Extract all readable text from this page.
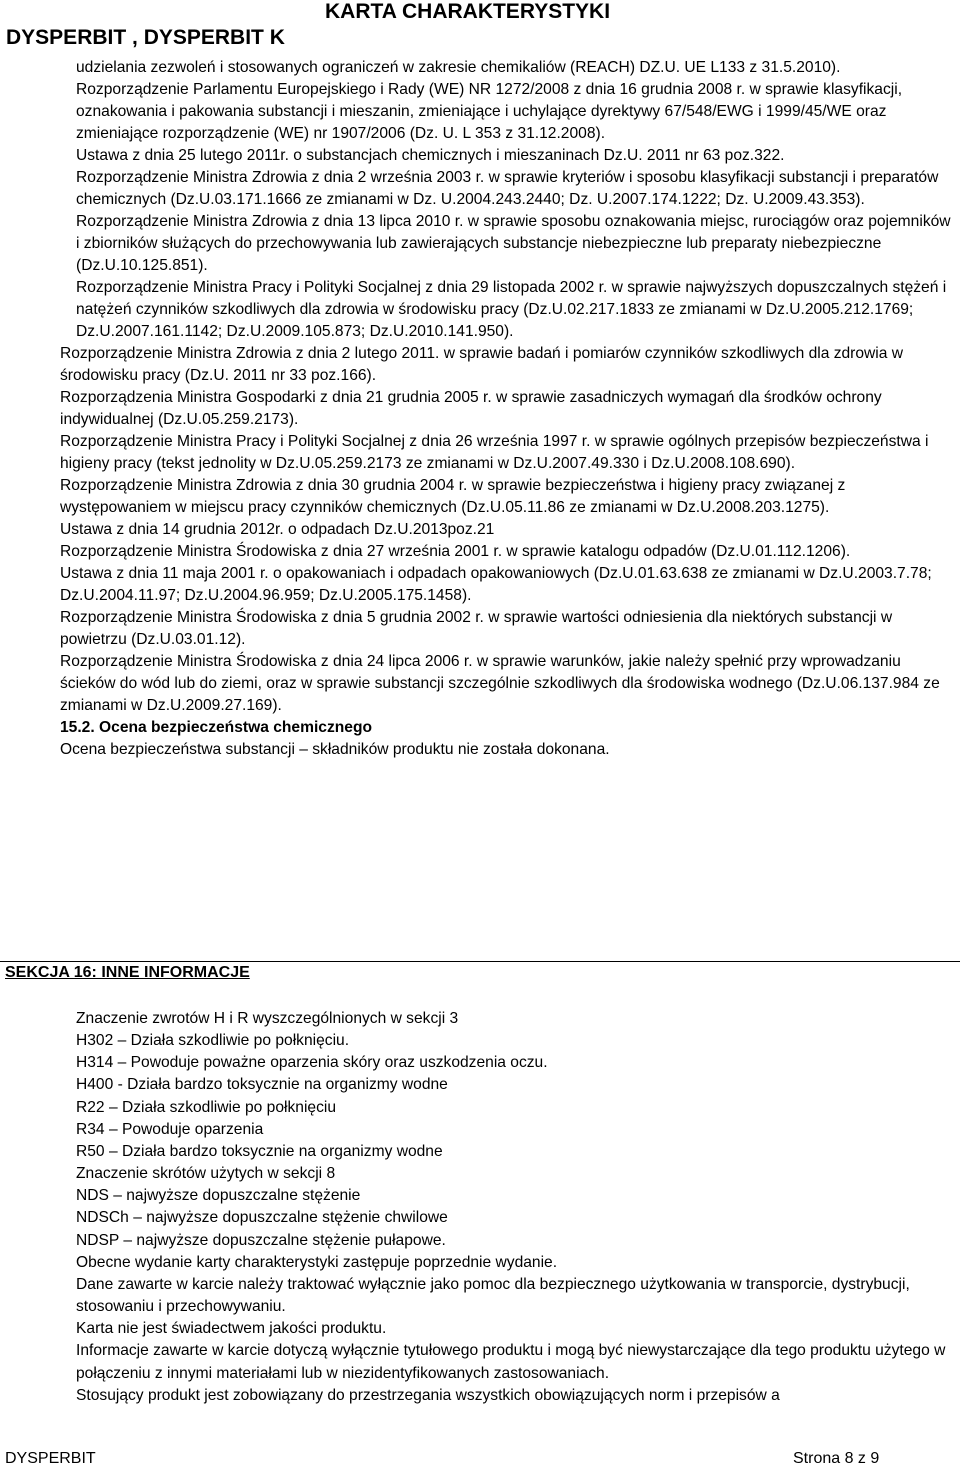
KARTA CHARAKTERYSTYKI
DYSPERBIT , DYSPERBIT K

udzielania zezwoleń i stosowanych ograniczeń w zakresie chemikaliów (REACH) DZ.U. UE L133 z 31.5.2010).

Rozporządzenie Parlamentu Europejskiego i Rady (WE) NR 1272/2008 z dnia 16 grudnia 2008 r. w sprawie klasyfikacji, oznakowania i pakowania substancji i mieszanin, zmieniające i uchylające dyrektywy 67/548/EWG i 1999/45/WE oraz zmieniające rozporządzenie (WE) nr 1907/2006 (Dz. U. L 353 z 31.12.2008).

Ustawa z dnia 25 lutego 2011r. o substancjach chemicznych i mieszaninach Dz.U. 2011 nr 63 poz.322.

Rozporządzenie Ministra Zdrowia z dnia 2 września 2003 r. w sprawie kryteriów i sposobu klasyfikacji substancji i preparatów chemicznych (Dz.U.03.171.1666 ze zmianami w Dz. U.2004.243.2440; Dz. U.2007.174.1222; Dz. U.2009.43.353).

Rozporządzenie Ministra Zdrowia z dnia 13 lipca 2010 r. w sprawie sposobu oznakowania miejsc, rurociągów oraz pojemników i zbiorników służących do przechowywania lub zawierających substancje niebezpieczne lub preparaty niebezpieczne (Dz.U.10.125.851).

Rozporządzenie Ministra Pracy i Polityki Socjalnej z dnia 29 listopada 2002 r. w sprawie najwyższych dopuszczalnych stężeń i natężeń czynników szkodliwych dla zdrowia w środowisku pracy (Dz.U.02.217.1833 ze zmianami w Dz.U.2005.212.1769; Dz.U.2007.161.1142; Dz.U.2009.105.873; Dz.U.2010.141.950).

Rozporządzenie Ministra Zdrowia z dnia 2 lutego 2011. w sprawie badań i pomiarów czynników szkodliwych dla zdrowia w środowisku pracy (Dz.U. 2011 nr 33 poz.166).

Rozporządzenia Ministra Gospodarki z dnia 21 grudnia 2005 r. w sprawie zasadniczych wymagań dla środków ochrony indywidualnej (Dz.U.05.259.2173).

Rozporządzenie Ministra Pracy i Polityki Socjalnej z dnia 26 września 1997 r. w sprawie ogólnych przepisów bezpieczeństwa i higieny pracy (tekst jednolity w Dz.U.05.259.2173 ze zmianami w Dz.U.2007.49.330 i Dz.U.2008.108.690).

Rozporządzenie Ministra Zdrowia z dnia 30 grudnia 2004 r. w sprawie bezpieczeństwa i higieny pracy związanej z występowaniem w miejscu pracy czynników chemicznych (Dz.U.05.11.86 ze zmianami w Dz.U.2008.203.1275).

Ustawa z dnia 14 grudnia 2012r. o odpadach Dz.U.2013poz.21

Rozporządzenie Ministra Środowiska z dnia 27 września 2001 r. w sprawie katalogu odpadów (Dz.U.01.112.1206).

Ustawa z dnia 11 maja 2001 r. o opakowaniach i odpadach opakowaniowych (Dz.U.01.63.638 ze zmianami w Dz.U.2003.7.78; Dz.U.2004.11.97; Dz.U.2004.96.959; Dz.U.2005.175.1458).

Rozporządzenie Ministra Środowiska z dnia 5 grudnia 2002 r. w sprawie wartości odniesienia dla niektórych substancji w powietrzu (Dz.U.03.01.12).

Rozporządzenie Ministra Środowiska z dnia 24 lipca 2006 r. w sprawie warunków, jakie należy spełnić przy wprowadzaniu ścieków do wód lub do ziemi, oraz w sprawie substancji szczególnie szkodliwych dla środowiska wodnego (Dz.U.06.137.984 ze zmianami w Dz.U.2009.27.169).

15.2. Ocena bezpieczeństwa chemicznego

Ocena bezpieczeństwa substancji – składników produktu nie została dokonana.

SEKCJA 16: INNE INFORMACJE

Znaczenie zwrotów H i R wyszczególnionych w sekcji 3

H302 – Działa szkodliwie po połknięciu.

H314 – Powoduje poważne oparzenia skóry oraz uszkodzenia oczu.

H400 - Działa bardzo toksycznie na organizmy wodne

R22 – Działa szkodliwie po połknięciu

R34 – Powoduje oparzenia

R50 – Działa bardzo toksycznie na organizmy wodne

Znaczenie skrótów użytych w sekcji 8

NDS – najwyższe dopuszczalne stężenie

NDSCh – najwyższe dopuszczalne stężenie chwilowe

NDSP – najwyższe dopuszczalne stężenie pułapowe.

Obecne wydanie karty charakterystyki zastępuje poprzednie wydanie.

Dane zawarte w karcie należy traktować wyłącznie jako pomoc dla bezpiecznego użytkowania w transporcie, dystrybucji, stosowaniu i przechowywaniu.

Karta nie jest świadectwem jakości produktu.

Informacje zawarte w karcie dotyczą wyłącznie tytułowego produktu i mogą być niewystarczające dla tego produktu użytego w połączeniu z innymi materiałami lub w niezidentyfikowanych zastosowaniach.

Stosujący produkt jest zobowiązany do przestrzegania wszystkich obowiązujących norm i przepisów a

DYSPERBIT	Strona 8 z 9
